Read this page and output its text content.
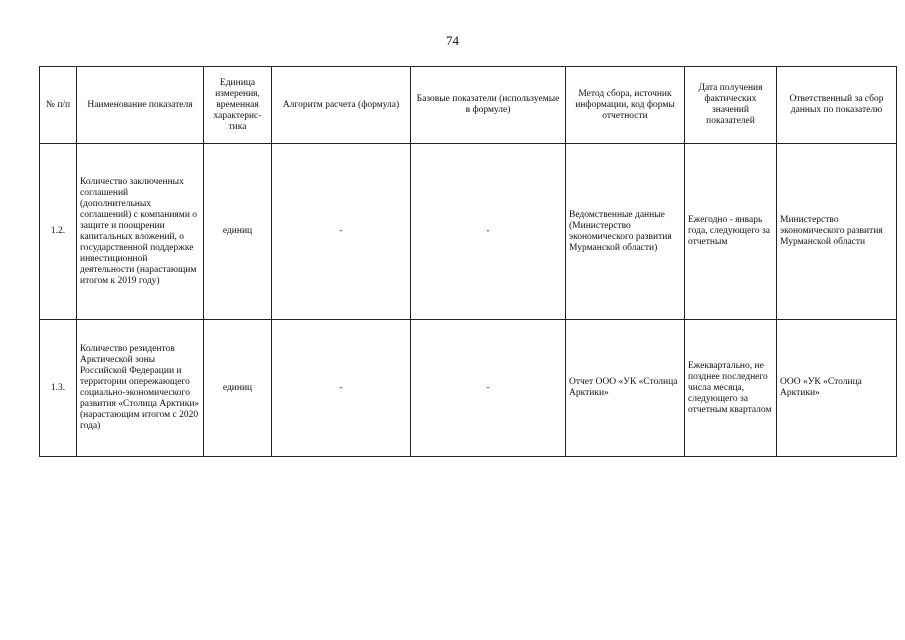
74
№ п/п	Наименование показателя	Единица измерения, временная характерис-тика	Алгоритм расчета (формула)	Базовые показатели (используемые в формуле)	Метод сбора, источник информации, код формы отчетности	Дата получения фактических значений показателей	Ответственный за сбор данных по показателю
1.2.	Количество заключенных соглашений (дополнительных соглашений) с компаниями о защите и поощрении капитальных вложений, о государственной поддержке инвестиционной деятельности (нарастающим итогом к 2019 году)	единиц	-	-	Ведомственные данные (Министерство экономического развития Мурманской области)	Ежегодно - январь года, следующего за отчетным	Министерство экономического развития Мурманской области
1.3.	Количество резидентов Арктической зоны Российской Федерации и территории опережающего социально-экономического развития «Столица Арктики» (нарастающим итогом с 2020 года)	единиц	-	-	Отчет ООО «УК «Столица Арктики»	Ежеквартально, не позднее последнего числа месяца, следующего за отчетным кварталом	ООО «УК «Столица Арктики»
